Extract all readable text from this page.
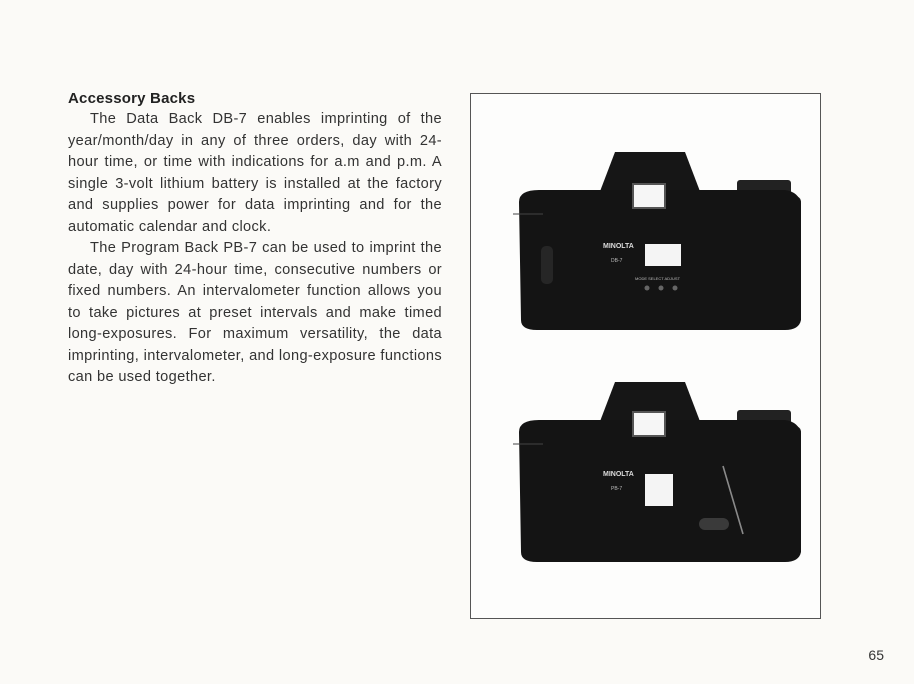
Accessory Backs

The Data Back DB-7 enables imprinting of the year/month/day in any of three orders, day with 24-hour time, or time with indications for a.m and p.m. A single 3-volt lithium battery is installed at the factory and supplies power for data imprinting and for the automatic calendar and clock.

The Program Back PB-7 can be used to imprint the date, day with 24-hour time, consecutive numbers or fixed numbers. An intervalometer function allows you to take pictures at preset intervals and make timed long-exposures. For maximum versatility, the data imprinting, intervalometer, and long-exposure functions can be used together.

MINOLTA
DB-7
MODE SELECT ADJUST
MINOLTA
PB-7
65
